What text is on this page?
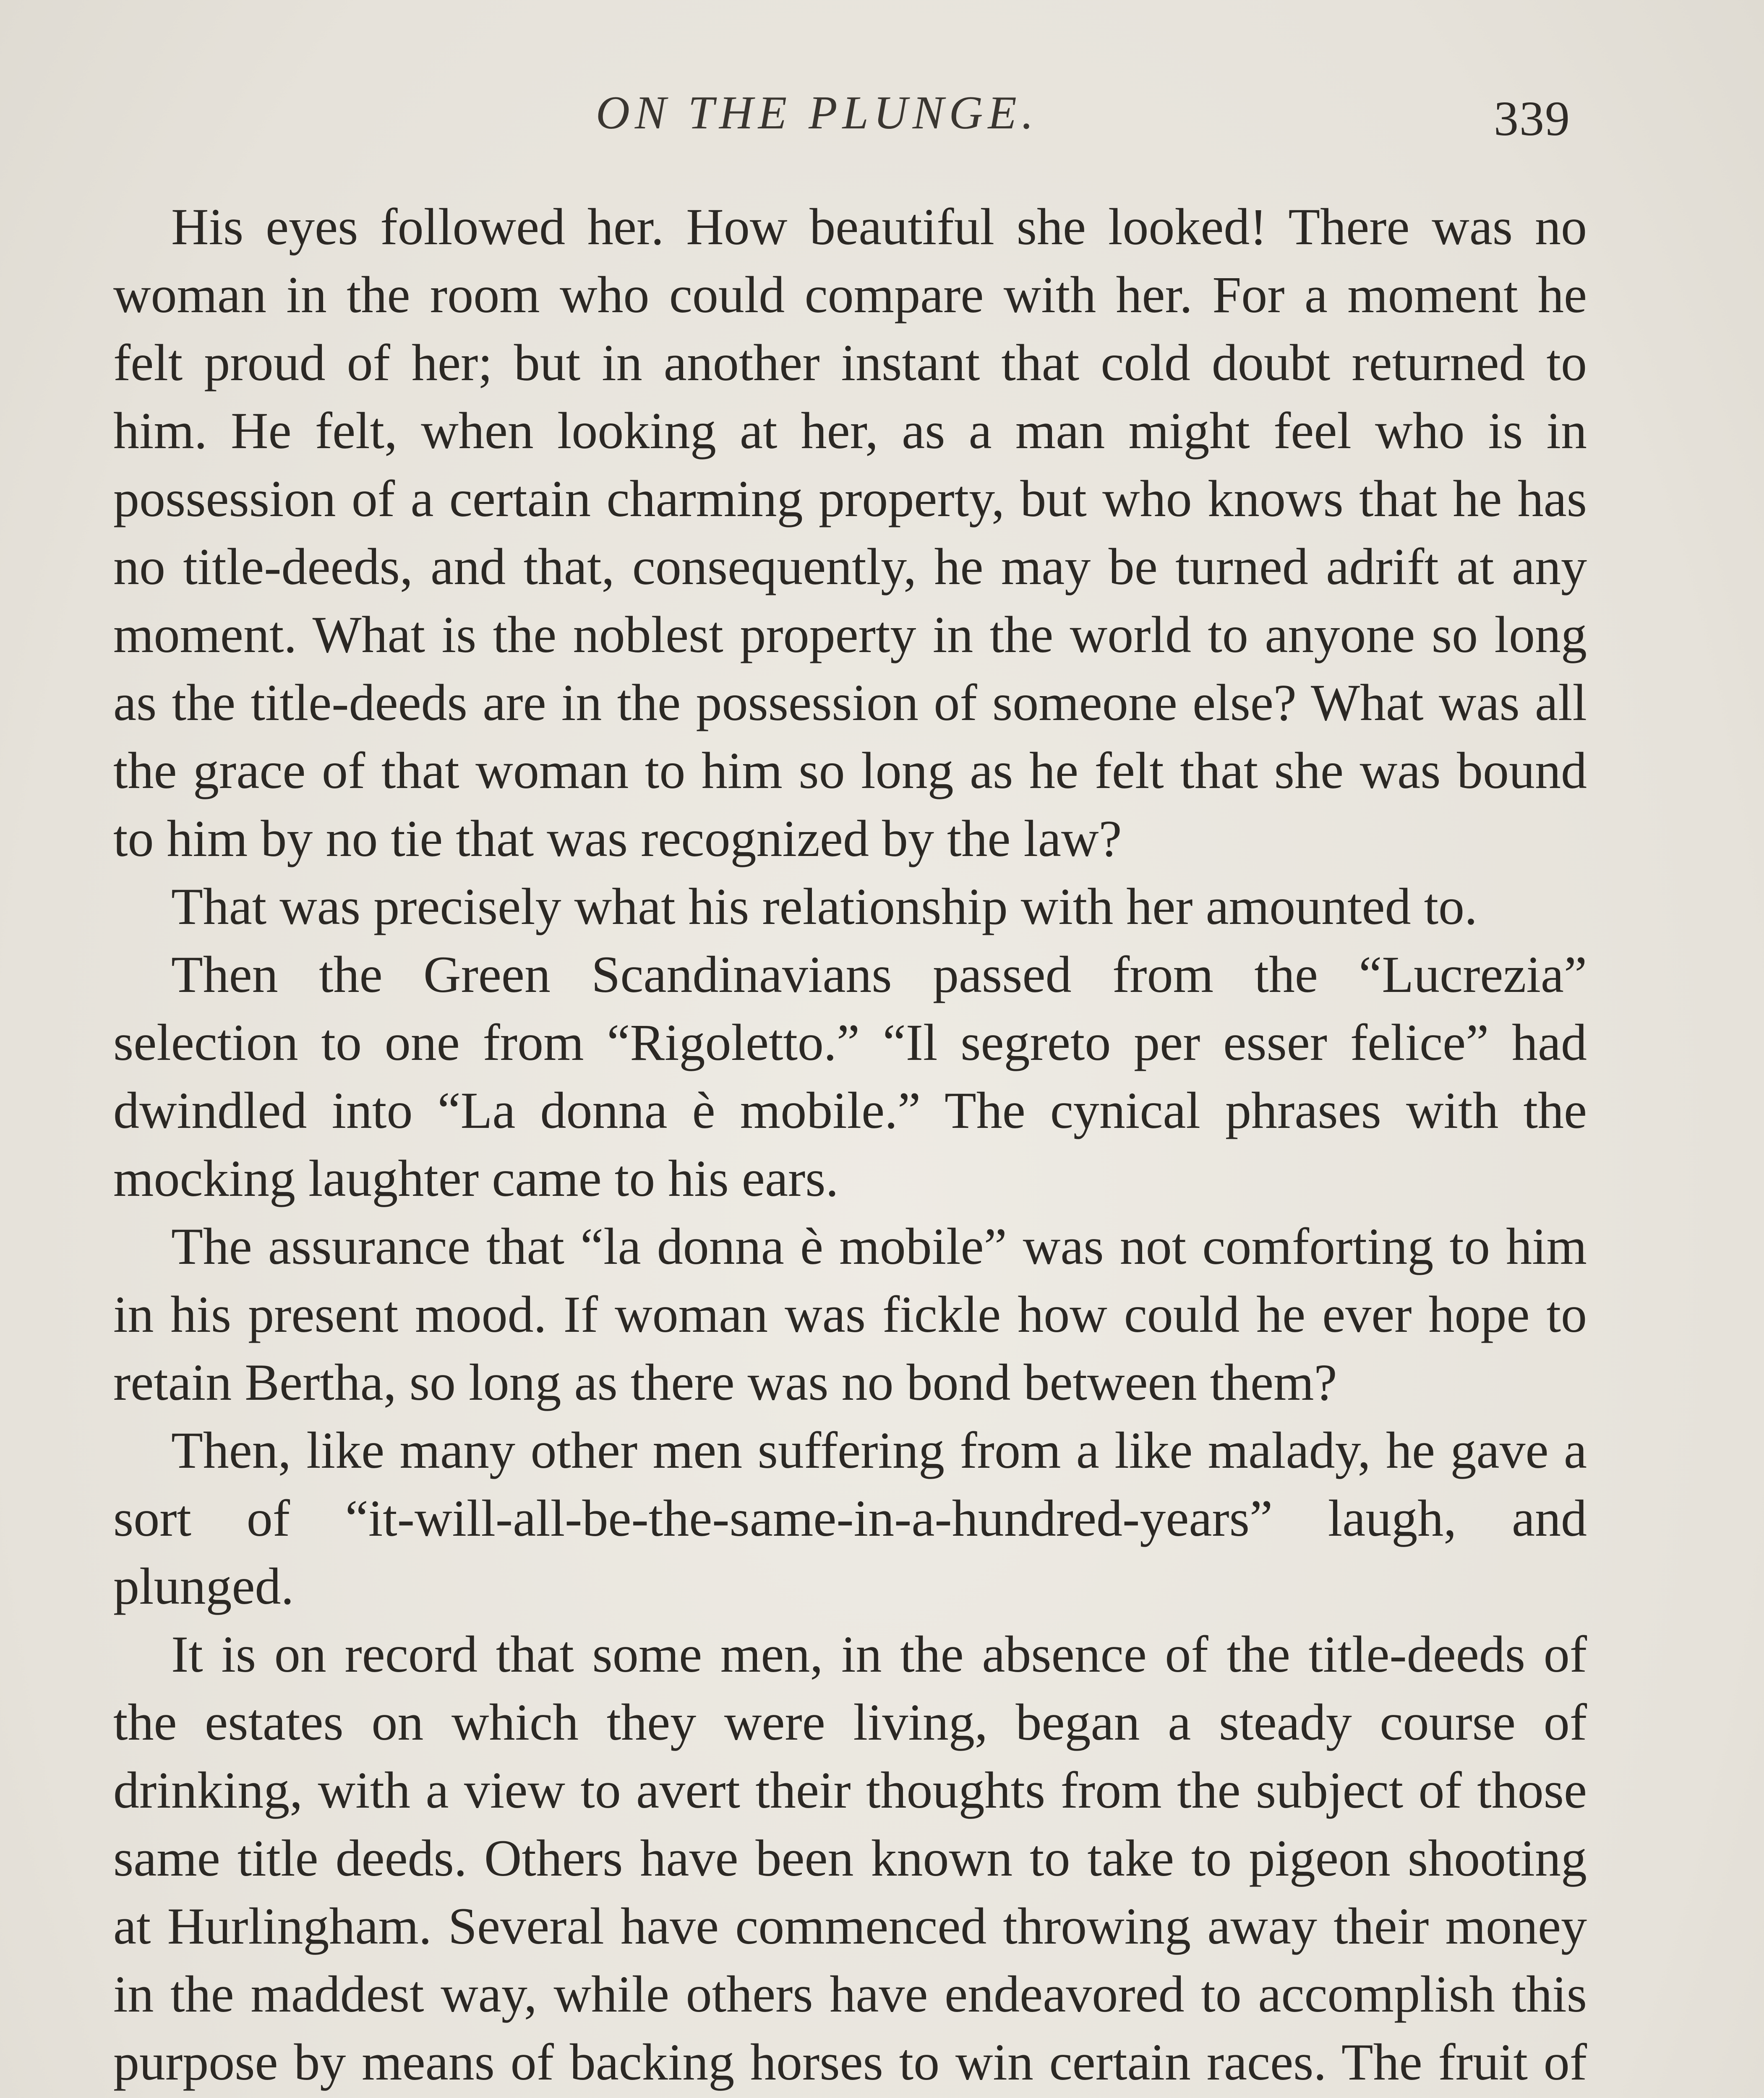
ON THE PLUNGE.	339

His eyes followed her. How beautiful she looked! There was no woman in the room who could compare with her. For a moment he felt proud of her; but in another instant that cold doubt returned to him. He felt, when looking at her, as a man might feel who is in possession of a certain charming property, but who knows that he has no title-deeds, and that, consequently, he may be turned adrift at any moment. What is the noblest property in the world to anyone so long as the title-deeds are in the possession of someone else? What was all the grace of that woman to him so long as he felt that she was bound to him by no tie that was recognized by the law?

That was precisely what his relationship with her amounted to.

Then the Green Scandinavians passed from the “Lucrezia” selection to one from “Rigoletto.” “Il segreto per esser felice” had dwindled into “La donna è mobile.” The cynical phrases with the mocking laughter came to his ears.

The assurance that “la donna è mobile” was not comforting to him in his present mood. If woman was fickle how could he ever hope to retain Bertha, so long as there was no bond between them?

Then, like many other men suffering from a like malady, he gave a sort of “it-will-all-be-the-same-in-a-hundred-years” laugh, and plunged.

It is on record that some men, in the absence of the title-deeds of the estates on which they were living, began a steady course of drinking, with a view to avert their thoughts from the subject of those same title deeds. Others have been known to take to pigeon shooting at Hurlingham. Several have commenced throwing away their money in the maddest way, while others have endeavored to accomplish this purpose by means of backing horses to win certain races. The fruit of
